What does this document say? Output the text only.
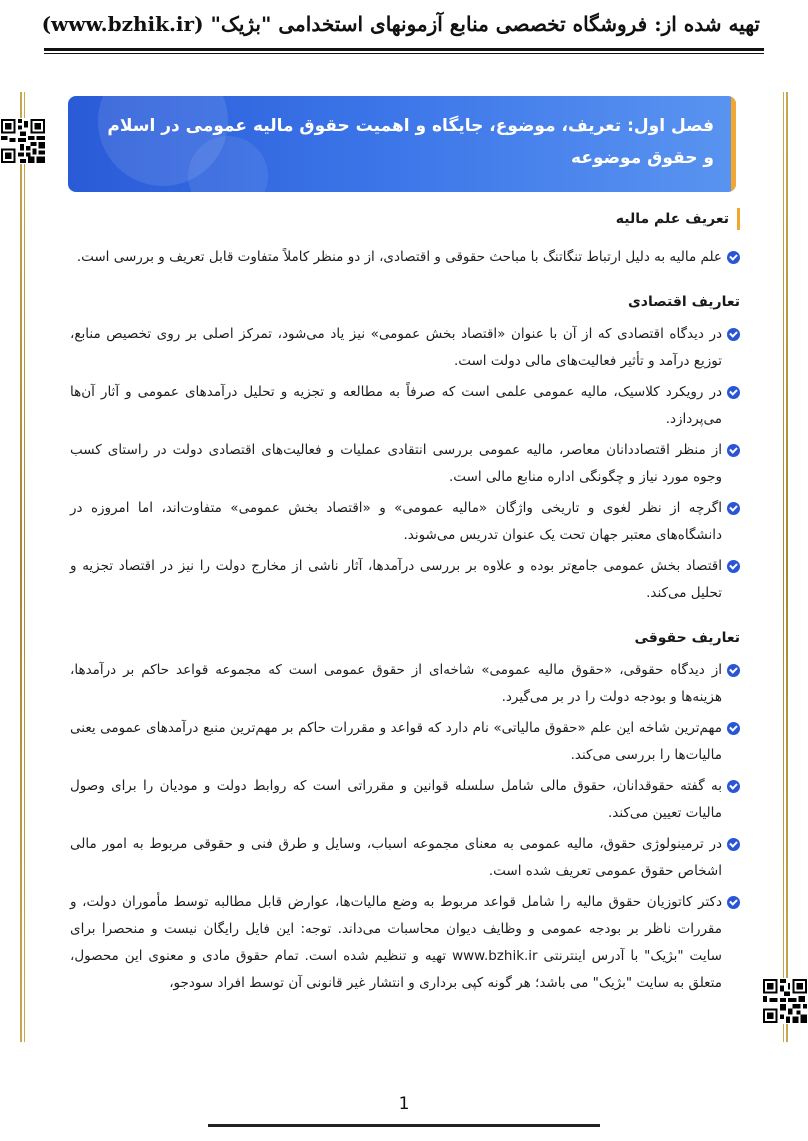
تهیه شده از: فروشگاه تخصصی منابع آزمونهای استخدامی "بژیک" (www.bzhik.ir)
فصل اول: تعریف، موضوع، جایگاه و اهمیت حقوق مالیه عمومی در اسلام و حقوق موضوعه
تعریف علم مالیه
علم مالیه به دلیل ارتباط تنگاتنگ با مباحث حقوقی و اقتصادی، از دو منظر کاملاً متفاوت قابل تعریف و بررسی است.
تعاریف اقتصادی
در دیدگاه اقتصادی که از آن با عنوان «اقتصاد بخش عمومی» نیز یاد می‌شود، تمرکز اصلی بر روی تخصیص منابع، توزیع درآمد و تأثیر فعالیت‌های مالی دولت است.
در رویکرد کلاسیک، مالیه عمومی علمی است که صرفاً به مطالعه و تجزیه و تحلیل درآمدهای عمومی و آثار آن‌ها می‌پردازد.
از منظر اقتصاددانان معاصر، مالیه عمومی بررسی انتقادی عملیات و فعالیت‌های اقتصادی دولت در راستای کسب وجوه مورد نیاز و چگونگی اداره منابع مالی است.
اگرچه از نظر لغوی و تاریخی واژگان «مالیه عمومی» و «اقتصاد بخش عمومی» متفاوت‌اند، اما امروزه در دانشگاه‌های معتبر جهان تحت یک عنوان تدریس می‌شوند.
اقتصاد بخش عمومی جامع‌تر بوده و علاوه بر بررسی درآمدها، آثار ناشی از مخارج دولت را نیز در اقتصاد تجزیه و تحلیل می‌کند.
تعاریف حقوقی
از دیدگاه حقوقی، «حقوق مالیه عمومی» شاخه‌ای از حقوق عمومی است که مجموعه قواعد حاکم بر درآمدها، هزینه‌ها و بودجه دولت را در بر می‌گیرد.
مهم‌ترین شاخه این علم «حقوق مالیاتی» نام دارد که قواعد و مقررات حاکم بر مهم‌ترین منبع درآمدهای عمومی یعنی مالیات‌ها را بررسی می‌کند.
به گفته حقوقدانان، حقوق مالی شامل سلسله قوانین و مقرراتی است که روابط دولت و مودیان را برای وصول مالیات تعیین می‌کند.
در ترمینولوژی حقوق، مالیه عمومی به معنای مجموعه اسباب، وسایل و طرق فنی و حقوقی مربوط به امور مالی اشخاص حقوق عمومی تعریف شده است.
دکتر کاتوزیان حقوق مالیه را شامل قواعد مربوط به وضع مالیات‌ها، عوارض قابل مطالبه توسط مأموران دولت، و مقررات ناظر بر بودجه عمومی و وظایف دیوان محاسبات می‌داند. توجه: این فایل رایگان نیست و منحصرا برای سایت "بژیک" با آدرس اینترنتی www.bzhik.ir تهیه و تنظیم شده است. تمام حقوق مادی و معنوی این محصول، متعلق به سایت "بژیک" می باشد؛ هر گونه کپی برداری و انتشار غیر قانونی آن توسط افراد سودجو،
1
